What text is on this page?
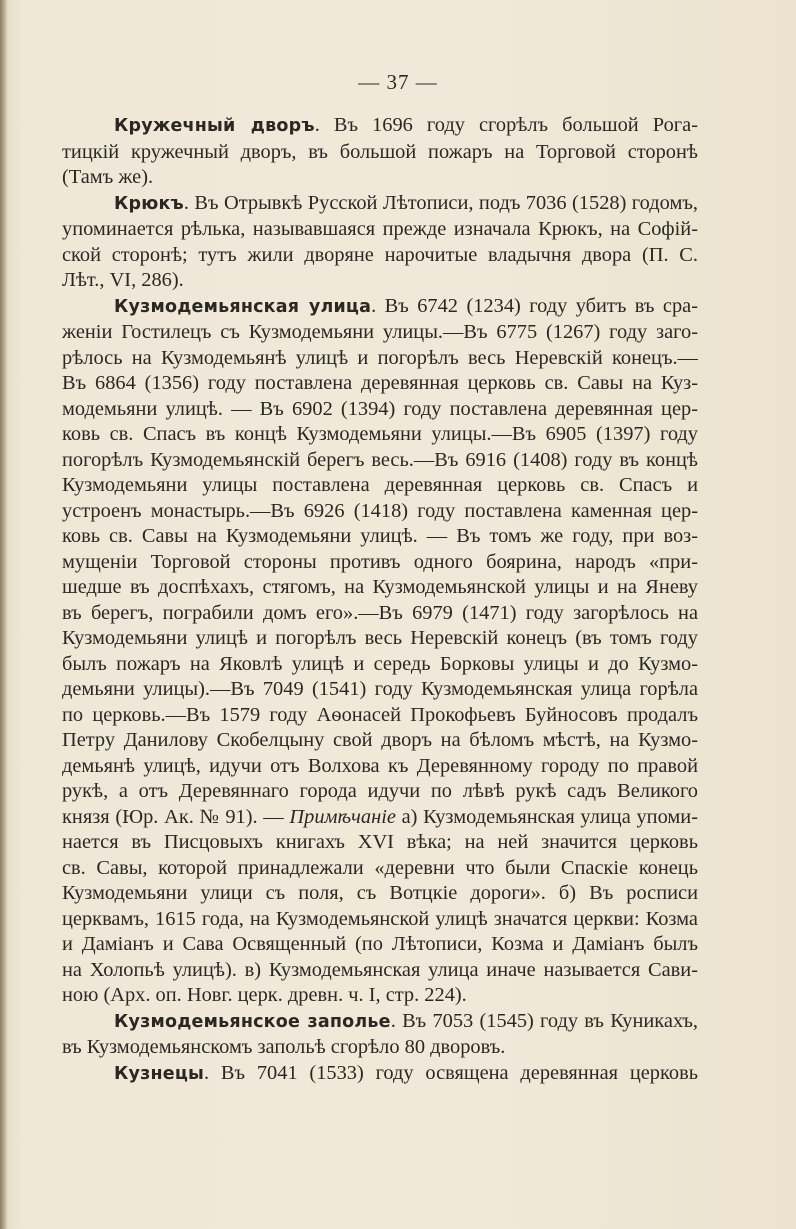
— 37 —
Кружечный дворъ. Въ 1696 году сгорѣлъ большой Рога-
тицкій кружечный дворъ, въ большой пожаръ на Торговой сторонѣ
(Тамъ же).
Крюкъ. Въ Отрывкѣ Русской Лѣтописи, подъ 7036 (1528) годомъ,
упоминается рѣлька, называвшаяся прежде изначала Крюкъ, на Софій-
ской сторонѣ; тутъ жили дворяне нарочитые владычня двора (П. С.
Лѣт., VI, 286).
Кузмодемьянская улица. Въ 6742 (1234) году убитъ въ сра-
женіи Гостилецъ съ Кузмодемьяни улицы.—Въ 6775 (1267) году заго-
рѣлось на Кузмодемьянѣ улицѣ и погорѣлъ весь Неревскій конецъ.—
Въ 6864 (1356) году поставлена деревянная церковь св. Савы на Куз-
модемьяни улицѣ. — Въ 6902 (1394) году поставлена деревянная цер-
ковь св. Спасъ въ концѣ Кузмодемьяни улицы.—Въ 6905 (1397) году
погорѣлъ Кузмодемьянскій берегъ весь.—Въ 6916 (1408) году въ концѣ
Кузмодемьяни улицы поставлена деревянная церковь св. Спасъ и
устроенъ монастырь.—Въ 6926 (1418) году поставлена каменная цер-
ковь св. Савы на Кузмодемьяни улицѣ. — Въ томъ же году, при воз-
мущеніи Торговой стороны противъ одного боярина, народъ «при-
шедше въ доспѣхахъ, стягомъ, на Кузмодемьянской улицы и на Яневу
въ берегъ, пограбили домъ его».—Въ 6979 (1471) году загорѣлось на
Кузмодемьяни улицѣ и погорѣлъ весь Неревскій конецъ (въ томъ году
былъ пожаръ на Яковлѣ улицѣ и середь Борковы улицы и до Кузмо-
демьяни улицы).—Въ 7049 (1541) году Кузмодемьянская улица горѣла
по церковь.—Въ 1579 году Аѳонасей Прокофьевъ Буйносовъ продалъ
Петру Данилову Скобелцыну свой дворъ на бѣломъ мѣстѣ, на Кузмо-
демьянѣ улицѣ, идучи отъ Волхова къ Деревянному городу по правой
рукѣ, а отъ Деревяннаго города идучи по лѣвѣ рукѣ садъ Великого
князя (Юр. Ак. № 91). — Примѣчаніе а) Кузмодемьянская улица упоми-
нается въ Писцовыхъ книгахъ XVI вѣка; на ней значится церковь
св. Савы, которой принадлежали «деревни что были Спаскіе конець
Кузмодемьяни улици съ поля, съ Вотцкіе дороги». б) Въ росписи
церквамъ, 1615 года, на Кузмодемьянской улицѣ значатся церкви: Козма
и Даміанъ и Сава Освященный (по Лѣтописи, Козма и Даміанъ былъ
на Холопьѣ улицѣ). в) Кузмодемьянская улица иначе называется Сави-
ною (Арх. оп. Новг. церк. древн. ч. I, стр. 224).
Кузмодемьянское заполье. Въ 7053 (1545) году въ Куникахъ,
въ Кузмодемьянскомъ запольѣ сгорѣло 80 дворовъ.
Кузнецы. Въ 7041 (1533) году освящена деревянная церковь
